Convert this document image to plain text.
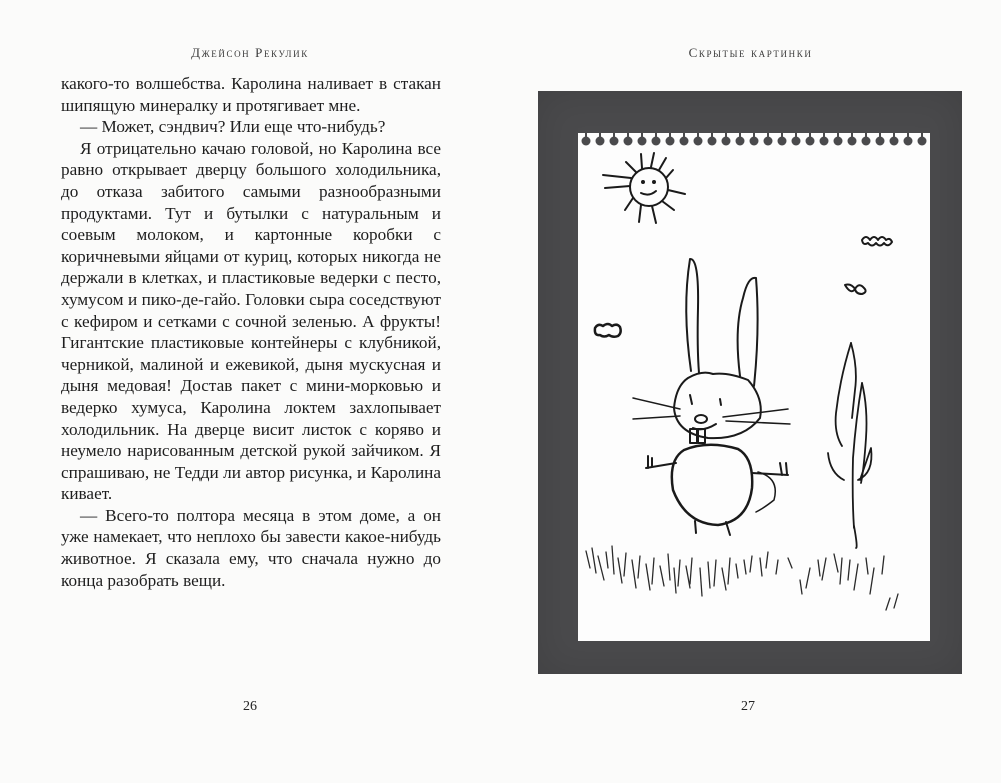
Джейсон Рекулик

какого-то волшебства. Каролина наливает в стакан шипящую минералку и протягивает мне.

— Может, сэндвич? Или еще что-нибудь?

Я отрицательно качаю головой, но Каролина все равно открывает дверцу большого холодильника, до отказа забитого самыми разнообразными продуктами. Тут и бутылки с натуральным и соевым молоком, и картонные коробки с коричневыми яйцами от куриц, которых никогда не держали в клетках, и пластиковые ведерки с песто, хумусом и пико-де-гайо. Головки сыра соседствуют с кефиром и сетками с сочной зеленью. А фрукты! Гигантские пластиковые контейнеры с клубникой, черникой, малиной и ежевикой, дыня мускусная и дыня медовая! Достав пакет с мини-морковью и ведерко хумуса, Каролина локтем захлопывает холодильник. На дверце висит листок с коряво и неумело нарисованным детской рукой зайчиком. Я спрашиваю, не Тедди ли автор рисунка, и Каролина кивает.

— Всего-то полтора месяца в этом доме, а он уже намекает, что неплохо бы завести какое-нибудь животное. Я сказала ему, что сначала нужно до конца разобрать вещи.

26
Скрытые картинки
27
